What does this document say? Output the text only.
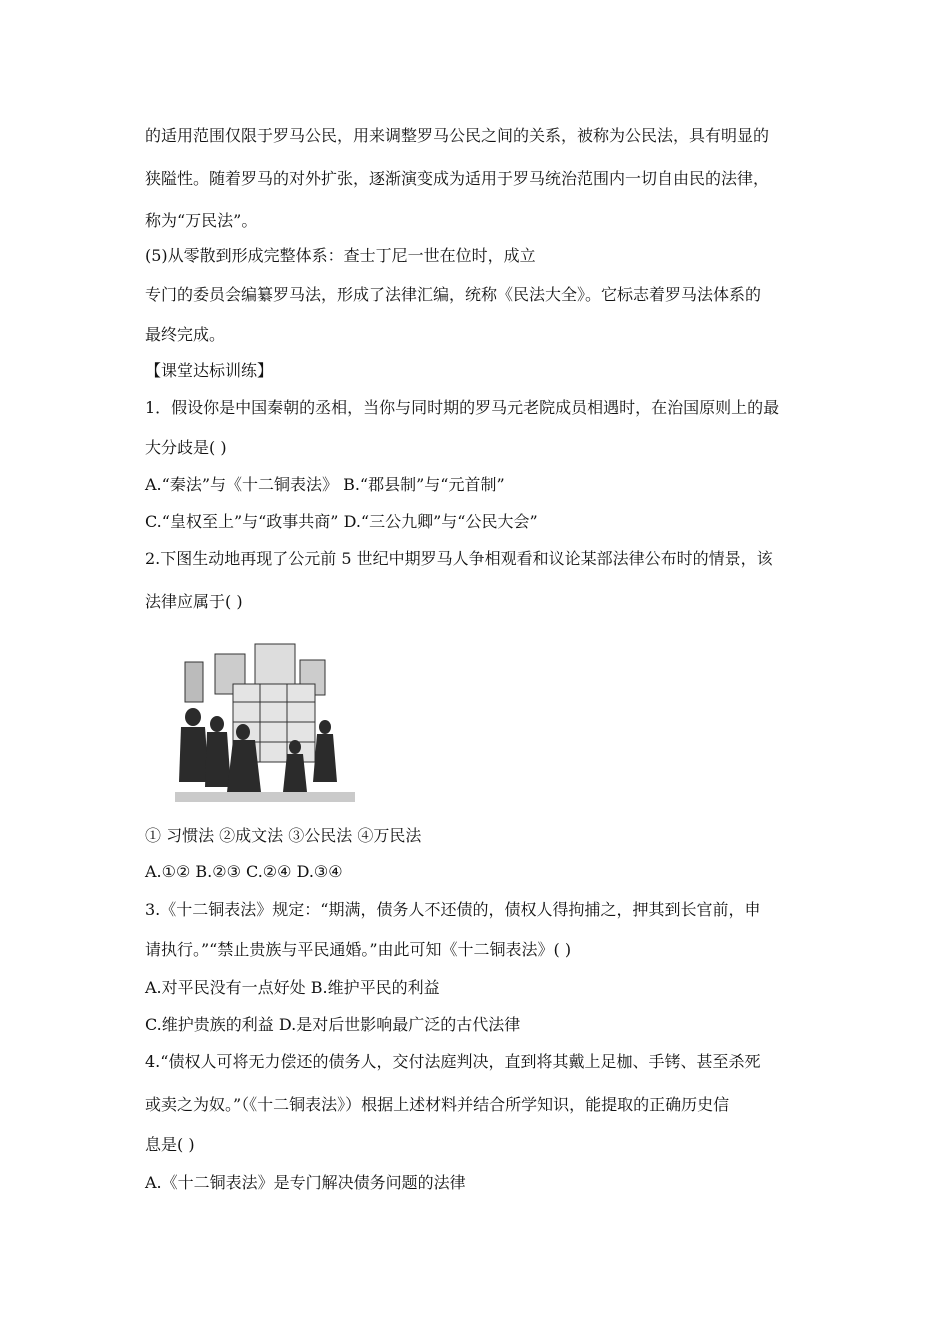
的适用范围仅限于罗马公民，用来调整罗马公民之间的关系，被称为公民法，具有明显的
狭隘性。随着罗马的对外扩张，逐渐演变成为适用于罗马统治范围内一切自由民的法律，
称为“万民法”。
(5)从零散到形成完整体系：查士丁尼一世在位时，成立
专门的委员会编纂罗马法，形成了法律汇编，统称《民法大全》。它标志着罗马法体系的
最终完成。
【课堂达标训练】
1．假设你是中国秦朝的丞相，当你与同时期的罗马元老院成员相遇时，在治国原则上的最
大分歧是( )
A.“秦法”与《十二铜表法》 B.“郡县制”与“元首制”
C.“皇权至上”与“政事共商” D.“三公九卿”与“公民大会”
2.下图生动地再现了公元前 5 世纪中期罗马人争相观看和议论某部法律公布时的情景，该
法律应属于( )
① 习惯法 ②成文法 ③公民法 ④万民法
A.①② B.②③ C.②④ D.③④
3.《十二铜表法》规定：“期满，债务人不还债的，债权人得拘捕之，押其到长官前，申
请执行。”“禁止贵族与平民通婚。”由此可知《十二铜表法》( )
A.对平民没有一点好处 B.维护平民的利益
C.维护贵族的利益 D.是对后世影响最广泛的古代法律
4.“债权人可将无力偿还的债务人，交付法庭判决，直到将其戴上足枷、手铐、甚至杀死
或卖之为奴。”（《十二铜表法》）根据上述材料并结合所学知识，能提取的正确历史信
息是( )
A.《十二铜表法》是专门解决债务问题的法律
